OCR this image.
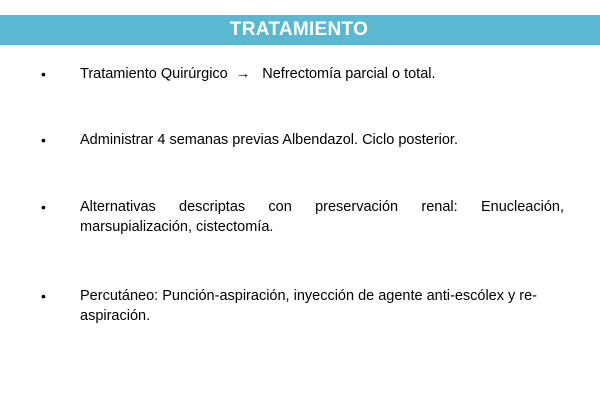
TRATAMIENTO
• Tratamiento Quirúrgico → Nefrectomía parcial o total.

• Administrar 4 semanas previas Albendazol. Ciclo posterior.

• Alternativas descriptas con preservación renal: Enucleación, marsupialización, cistectomía.

• Percutáneo: Punción-aspiración, inyección de agente anti-escólex y re-aspiración.
